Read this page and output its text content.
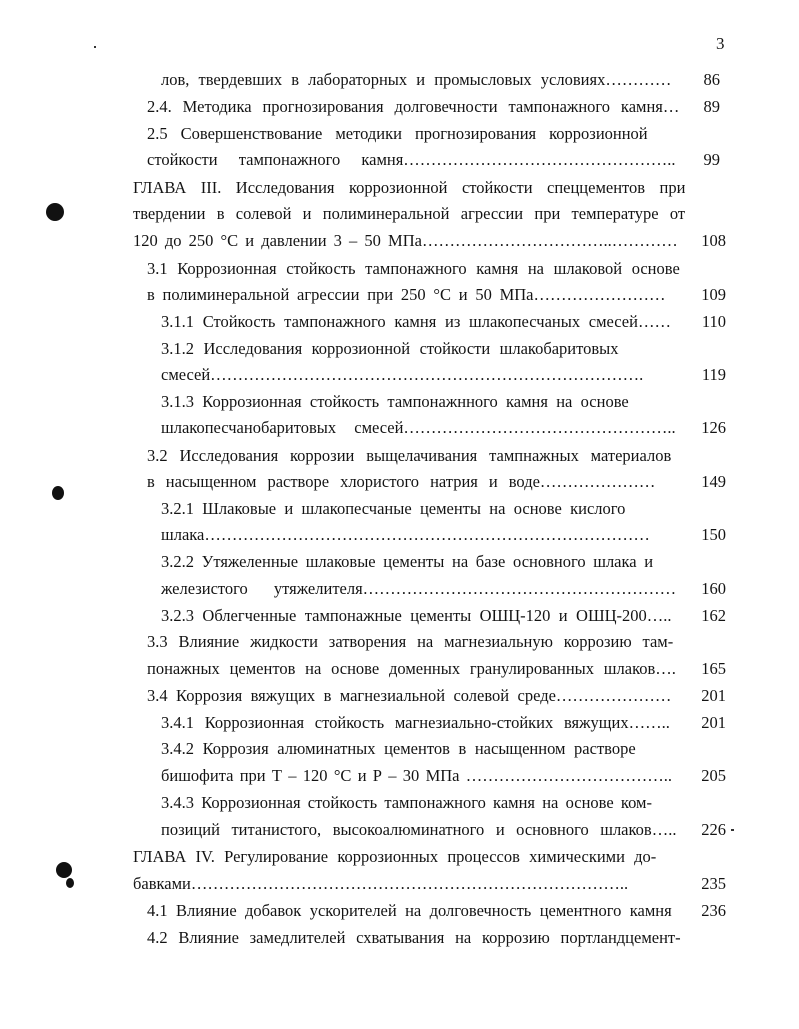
3
лов, твердевших в лабораторных и промысловых условиях…………	86
2.4. Методика прогнозирования долговечности тампонажного камня…	89
2.5 Совершенствование методики прогнозирования коррозионной
стойкости тампонажного камня…………………………………………..	99
ГЛАВА III. Исследования коррозионной стойкости спеццементов при
твердении в солевой и полиминеральной агрессии при температуре от
120 до 250 °С и давлении 3 – 50 МПа……………………………..…………	108
3.1 Коррозионная стойкость тампонажного камня на шлаковой основе
в полиминеральной агрессии при 250 °С и 50 МПа……………………	109
3.1.1 Стойкость тампонажного камня из шлакопесчаных смесей……	110
3.1.2 Исследования коррозионной стойкости шлакобаритовых
смесей…………………………………………………………………….	119
3.1.3 Коррозионная стойкость тампонажнного камня на основе
шлакопесчанобаритовых смесей…………………………………………..	126
3.2 Исследования коррозии выщелачивания тампнажных материалов
в насыщенном растворе хлористого натрия и воде…………………	149
3.2.1 Шлаковые и шлакопесчаные цементы на основе кислого
шлака………………………………………………………………………	150
3.2.2 Утяжеленные шлаковые цементы на базе основного шлака и
железистого утяжелителя…………………………………………………	160
3.2.3 Облегченные тампонажные цементы ОШЦ-120 и ОШЦ-200…..	162
3.3 Влияние жидкости затворения на магнезиальную коррозию там-
понажных цементов на основе доменных гранулированных шлаков….	165
3.4 Коррозия вяжущих в магнезиальной солевой среде…………………	201
3.4.1 Коррозионная стойкость магнезиально-стойких вяжущих……..	201
3.4.2 Коррозия алюминатных цементов в насыщенном растворе
бишофита при Т – 120 °С и Р – 30 МПа ………………………………..	205
3.4.3 Коррозионная стойкость тампонажного камня на основе ком-
позиций титанистого, высокоалюминатного и основного шлаков…..	226
ГЛАВА IV. Регулирование коррозионных процессов химическими до-
бавками……………………………………………………………………..	235
4.1 Влияние добавок ускорителей на долговечность цементного камня	236
4.2 Влияние замедлителей схватывания на коррозию портландцемент-
